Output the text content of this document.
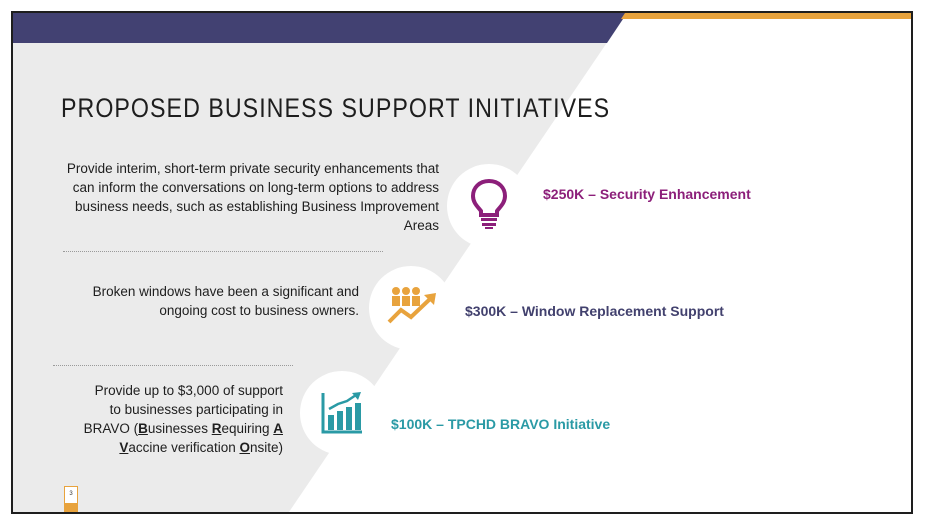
PROPOSED BUSINESS SUPPORT INITIATIVES
Provide interim, short-term private security enhancements that can inform the conversations on long-term options to address business needs, such as establishing Business Improvement Areas
$250K – Security Enhancement
Broken windows have been a significant and ongoing cost to business owners.	$300K – Window Replacement Support
Provide up to $3,000 of support
to businesses participating in
BRAVO (Businesses Requiring A
Vaccine verification Onsite)
$100K – TPCHD BRAVO Initiative
3
